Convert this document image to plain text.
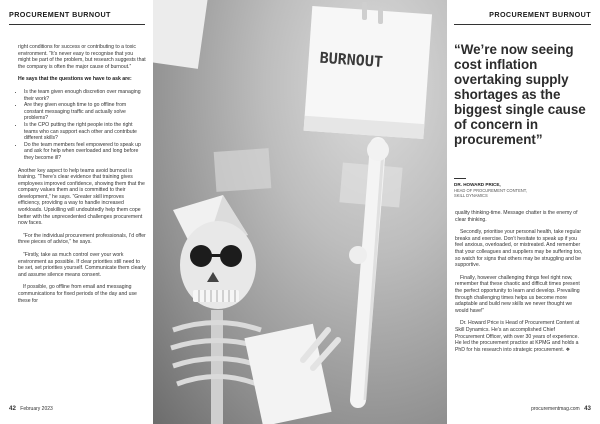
PROCUREMENT BURNOUT

right conditions for success or contributing to a toxic environment. “It’s never easy to recognise that you might be part of the problem, but research suggests that the company is often the major cause of burnout.”

He says that the questions we have to ask are:

• Is the team given enough discretion over managing their work?
• Are they given enough time to go offline from constant messaging traffic and actually solve problems?
• Is the CPO putting the right people into the right teams who can support each other and contribute different skills?
• Do the team members feel empowered to speak up and ask for help when overloaded and long before they become ill?

Another key aspect to help teams avoid burnout is training. “There’s clear evidence that training gives employees improved confidence, showing them that the company values them and is committed to their development,” he says. “Greater skill improves efficiency, providing a way to handle increased workloads. Upskilling will undoubtedly help them cope better with the unprecedented challenges procurement now faces.

“For the individual procurement professionals, I’d offer three pieces of advice,” he says.

“Firstly, take as much control over your work environment as possible. If clear priorities still need to be set, set priorities yourself. Communicate them clearly and assume silence means consent.

If possible, go offline from email and messaging communications for fixed periods of the day and use these for

42 February 2023
BURNOUT
PROCUREMENT BURNOUT
“We’re now seeing cost inflation overtaking supply shortages as the biggest single cause of concern in procurement”
DR. HOWARD PRICE,
HEAD OF PROCUREMENT CONTENT,
SKILL DYNAMICS

quality thinking-time. Message chatter is the enemy of clear thinking.

Secondly, prioritise your personal health, take regular breaks and exercise. Don’t hesitate to speak up if you feel anxious, overloaded, or mistreated. And remember that your colleagues and suppliers may be suffering too, so watch for signs that others may be struggling and be supportive.

Finally, however challenging things feel right now, remember that these chaotic and difficult times present the perfect opportunity to learn and develop. Prevailing through challenging times helps us become more adaptable and build new skills we never thought we would have!”

Dr. Howard Price is Head of Procurement Content at Skill Dynamics. He’s an accomplished Chief Procurement Officer, with over 30 years of experience. He led the procurement practice at KPMG and holds a PhD for his research into strategic procurement. ❖

procurementmag.com 43
